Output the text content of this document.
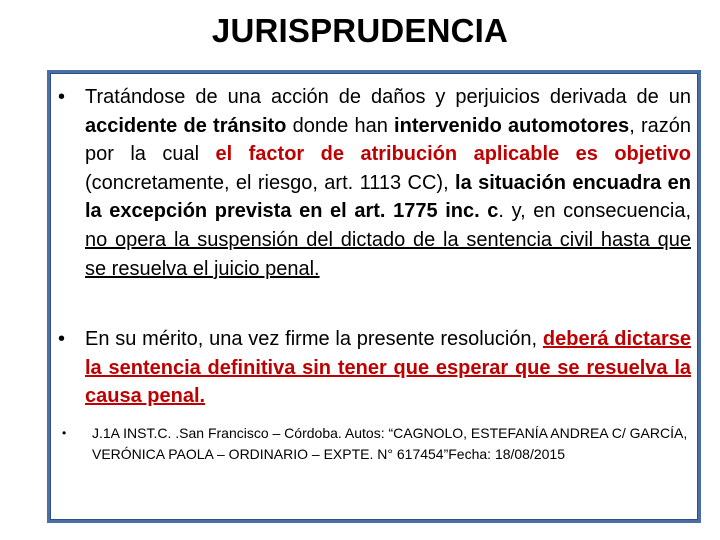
JURISPRUDENCIA
• Tratándose de una acción de daños y perjuicios derivada de un accidente de tránsito donde han intervenido automotores, razón por la cual el factor de atribución aplicable es objetivo (concretamente, el riesgo, art. 1113 CC), la situación encuadra en la excepción prevista en el art. 1775 inc. c. y, en consecuencia, no opera la suspensión del dictado de la sentencia civil hasta que se resuelva el juicio penal.
• En su mérito, una vez firme la presente resolución, deberá dictarse la sentencia definitiva sin tener que esperar que se resuelva la causa penal.
• J.1A INST.C. .San Francisco – Córdoba. Autos: “CAGNOLO, ESTEFANÍA ANDREA C/ GARCÍA, VERÓNICA PAOLA – ORDINARIO – EXPTE. N° 617454”Fecha: 18/08/2015
